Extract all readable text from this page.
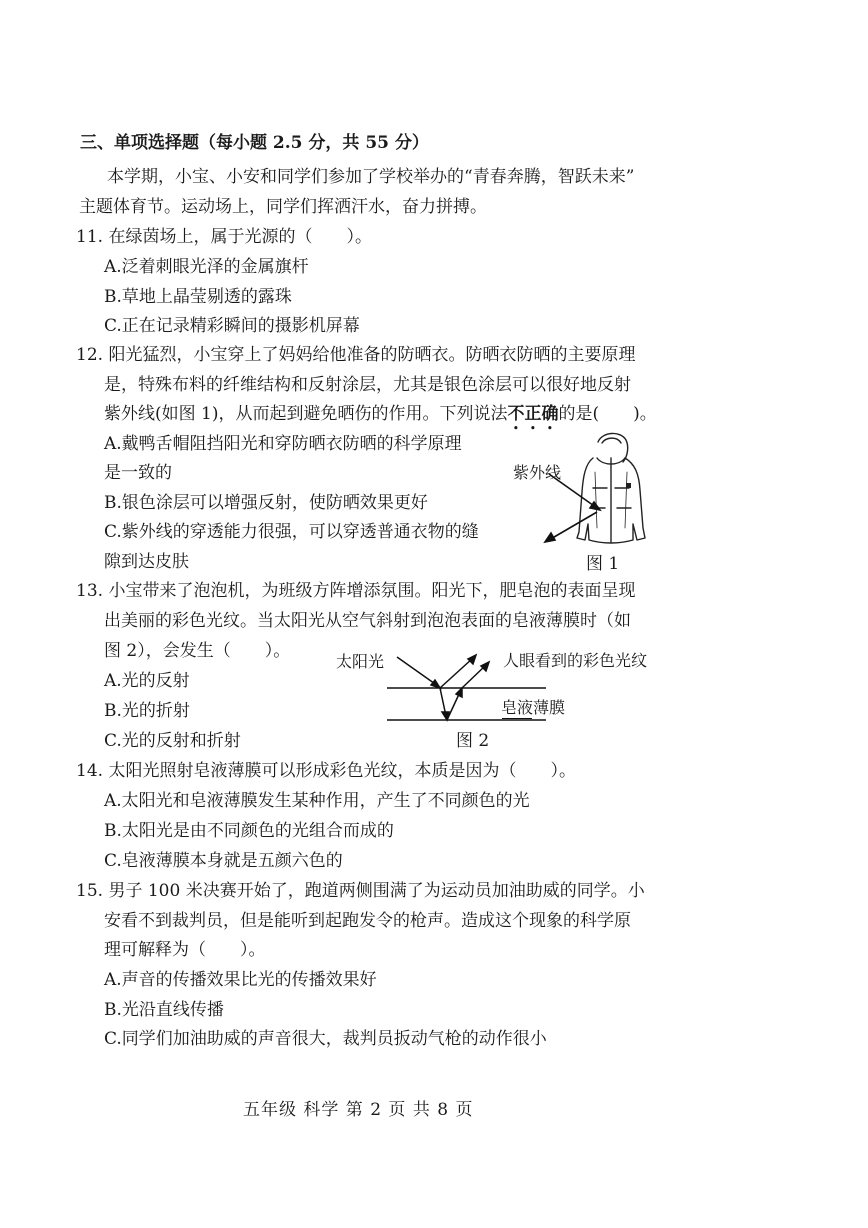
三、单项选择题（每小题 2.5 分，共 55 分）
本学期，小宝、小安和同学们参加了学校举办的“青春奔腾，智跃未来”
主题体育节。运动场上，同学们挥洒汗水，奋力拼搏。
11. 在绿茵场上，属于光源的（　　）。
A.泛着刺眼光泽的金属旗杆
B.草地上晶莹剔透的露珠
C.正在记录精彩瞬间的摄影机屏幕
12. 阳光猛烈，小宝穿上了妈妈给他准备的防晒衣。防晒衣防晒的主要原理
是，特殊布料的纤维结构和反射涂层，尤其是银色涂层可以很好地反射
紫外线(如图 1)，从而起到避免晒伤的作用。下列说法不正确的是(　　)。
A.戴鸭舌帽阻挡阳光和穿防晒衣防晒的科学原理
是一致的
B.银色涂层可以增强反射，使防晒效果更好
C.紫外线的穿透能力很强，可以穿透普通衣物的缝
隙到达皮肤
紫外线
图 1
13. 小宝带来了泡泡机，为班级方阵增添氛围。阳光下，肥皂泡的表面呈现
出美丽的彩色光纹。当太阳光从空气斜射到泡泡表面的皂液薄膜时（如
图 2），会发生（　　）。
A.光的反射
B.光的折射
C.光的反射和折射
太阳光	人眼看到的彩色光纹
皂液薄膜
图 2
14. 太阳光照射皂液薄膜可以形成彩色光纹，本质是因为（　　）。
A.太阳光和皂液薄膜发生某种作用，产生了不同颜色的光
B.太阳光是由不同颜色的光组合而成的
C.皂液薄膜本身就是五颜六色的
15. 男子 100 米决赛开始了，跑道两侧围满了为运动员加油助威的同学。小
安看不到裁判员，但是能听到起跑发令的枪声。造成这个现象的科学原
理可解释为（　　）。
A.声音的传播效果比光的传播效果好
B.光沿直线传播
C.同学们加油助威的声音很大，裁判员扳动气枪的动作很小
五年级 科学 第 2 页 共 8 页
